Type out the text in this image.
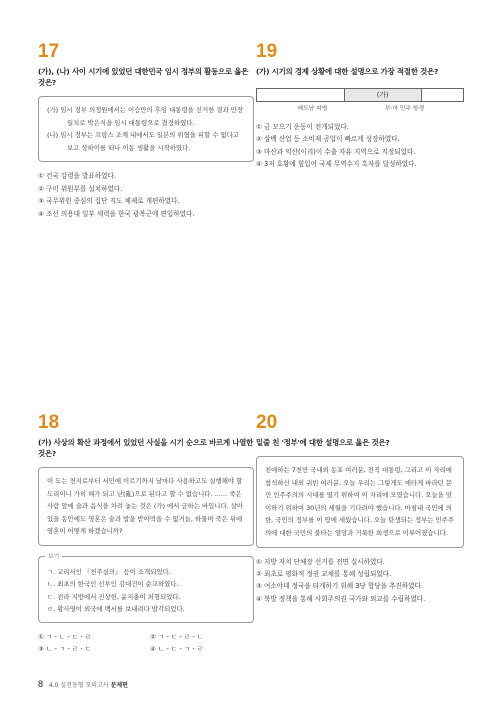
17
(가), (나) 사이 시기에 있었던 대한민국 임시 정부의 활동으로 옳은 것은?

(가) 임시 정부 의정원에서는 이승만의 후임 대통령을 선거한 결과 만장일치로 박은식을 임시 대통령으로 결정하였다.

(나) 임시 정부는 프랑스 조계 내에서도 일본의 위협을 피할 수 없다고 보고 상하이를 떠나 이동 생활을 시작하였다.

① 건국 강령을 발표하였다.
② 구미 위원부를 설치하였다.
③ 국무위원 중심의 집단 지도 체제로 개편하였다.
④ 조선 의용대 일부 세력을 한국 광복군에 편입하였다.
19
(가) 시기의 경제 상황에 대한 설명으로 가장 적절한 것은?
(가)
베트남 파병	부·마 민주 항쟁
① 금 모으기 운동이 전개되었다.
② 삼백 산업 등 소비재 공업이 빠르게 성장하였다.
③ 마산과 익산(이리)이 수출 자유 지역으로 지정되었다.
④ 3저 호황에 힘입어 국제 무역수지 흑자를 달성하였다.
18
(가) 사상의 확산 과정에서 있었던 사실을 시기 순으로 바르게 나열한 것은?

이 도는 천지로부터 서민에 이르기까지 날마다 사용하고도 실행해야 할 도리이니 가히 해가 되고 난(亂)으로 된다고 할 수 없습니다. …… 죽은 사람 앞에 술과 음식을 차려 놓는 것은 (가) 에서 금하는 바입니다. 살아 있을 동안에도 영혼은 술과 밥을 받아먹을 수 없거늘, 하물며 죽은 뒤에 영혼이 어떻게 하겠습니까?

보기
ㄱ. 교리서인 『천주실의』 등이 소개되었다.
ㄴ. 최초의 한국인 신부인 김대건이 순교하였다.
ㄷ. 전라 지방에서 진상헌, 윤지충이 처형되었다.
ㄹ. 황사영이 외국에 백서를 보내려다 발각되었다.
① ㄱ - ㄴ - ㄷ - ㄹ	② ㄱ - ㄷ - ㄹ - ㄴ
③ ㄴ - ㄱ - ㄹ - ㄷ	④ ㄴ - ㄷ - ㄱ - ㄹ
20
밑줄 친 '정부'에 대한 설명으로 옳은 것은?

친애하는 7천만 국내외 동포 여러분, 전직 대통령, 그리고 이 자리에 참석하신 내외 귀빈 여러분. 오늘 우리는 그렇게도 애타게 바라던 문민 민주주의의 시대를 열기 위하여 이 자리에 모였습니다. 오늘을 맞이하기 위하여 30년의 세월을 기다려야 했습니다. 마침내 국민에 의한, 국민의 정부를 이 땅에 세웠습니다. 오늘 탄생되는 정부는 민주주의에 대한 국민의 불타는 열망과 거룩한 희생으로 이루어졌습니다.

① 지방 자치 단체장 선거를 전면 실시하였다.
② 최초로 평화적 정권 교체를 통해 성립되었다.
③ 여소야대 정국을 타개하기 위해 3당 합당을 추진하였다.
④ 북방 정책을 통해 사회주의권 국가와 외교를 수립하였다.
8 4.0 실전동형 모의고사 문제편
